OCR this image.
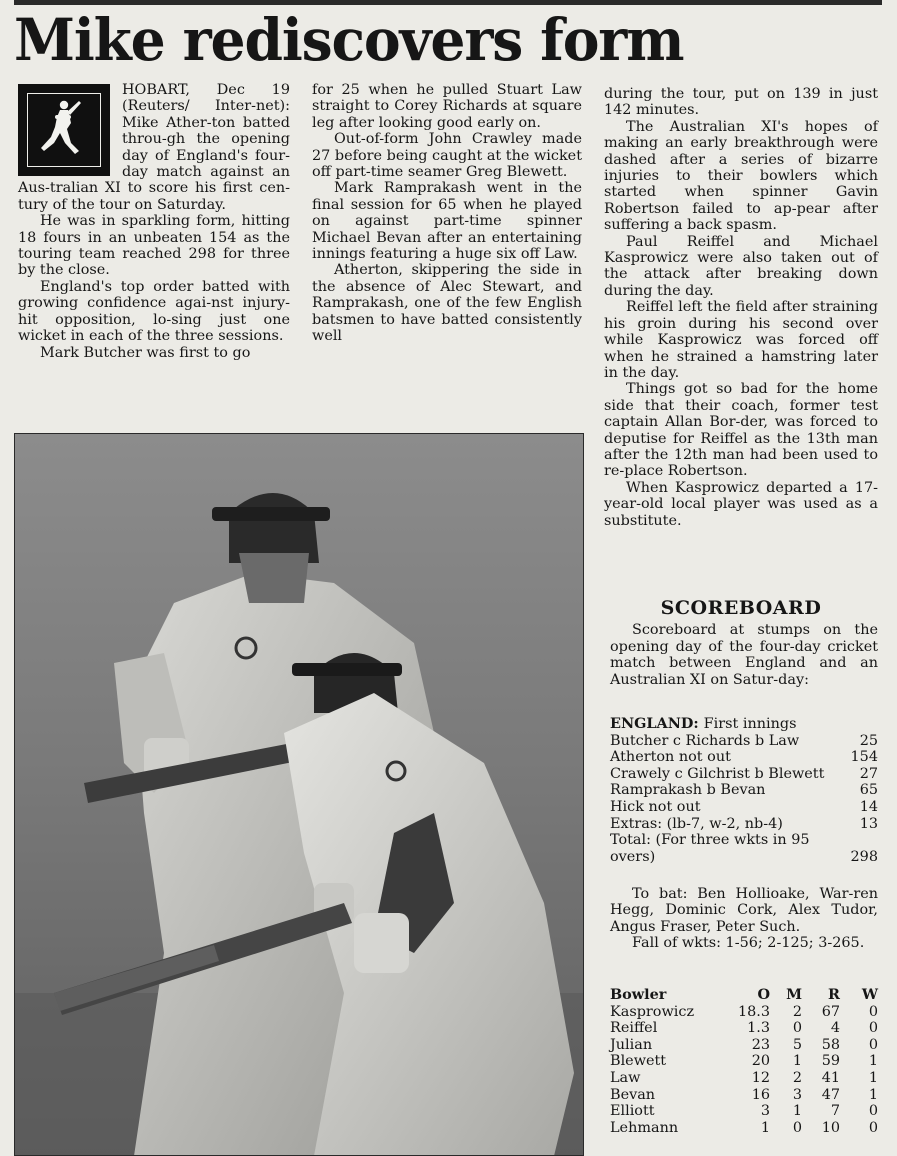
Mike rediscovers form

HOBART, Dec 19 (Reuters/ Inter-net): Mike Ather-ton batted throu-gh the opening day of England's four-day match against an Aus-tralian XI to score his first cen-tury of the tour on Saturday.

He was in sparkling form, hitting 18 fours in an unbeaten 154 as the touring team reached 298 for three by the close.

England's top order batted with growing confidence agai-nst injury-hit opposition, lo-sing just one wicket in each of the three sessions.

Mark Butcher was first to go

for 25 when he pulled Stuart Law straight to Corey Richards at square leg after looking good early on.

Out-of-form John Crawley made 27 before being caught at the wicket off part-time seamer Greg Blewett.

Mark Ramprakash went in the final session for 65 when he played on against part-time spinner Michael Bevan after an entertaining innings featuring a huge six off Law.

Atherton, skippering the side in the absence of Alec Stewart, and Ramprakash, one of the few English batsmen to have batted consistently well

during the tour, put on 139 in just 142 minutes.

The Australian XI's hopes of making an early breakthrough were dashed after a series of bizarre injuries to their bowlers which started when spinner Gavin Robertson failed to ap-pear after suffering a back spasm.

Paul Reiffel and Michael Kasprowicz were also taken out of the attack after breaking down during the day.

Reiffel left the field after straining his groin during his second over while Kasprowicz was forced off when he strained a hamstring later in the day.

Things got so bad for the home side that their coach, former test captain Allan Bor-der, was forced to deputise for Reiffel as the 13th man after the 12th man had been used to re-place Robertson.

When Kasprowicz departed a 17-year-old local player was used as a substitute.

SCOREBOARD

Scoreboard at stumps on the opening day of the four-day cricket match between England and an Australian XI on Satur-day:

ENGLAND: First innings
Butcher c Richards b Law	25
Atherton not out	154
Crawely c Gilchrist b Blewett 27
Ramprakash b Bevan	65
Hick not out	14
Extras: (lb-7, w-2, nb-4)	13
Total: (For three wkts in 95
overs)	298

To bat: Ben Hollioake, War-ren Hegg, Dominic Cork, Alex Tudor, Angus Fraser, Peter Such.

Fall of wkts: 1-56; 2-125; 3-265.

Bowler	O	M	R	W
Kasprowicz	18.3	2	67	0
Reiffel	1.3	0	4	0
Julian	23	5	58	0
Blewett	20	1	59	1
Law	12	2	41	1
Bevan	16	3	47	1
Elliott	3	1	7	0
Lehmann	1	0	10	0
